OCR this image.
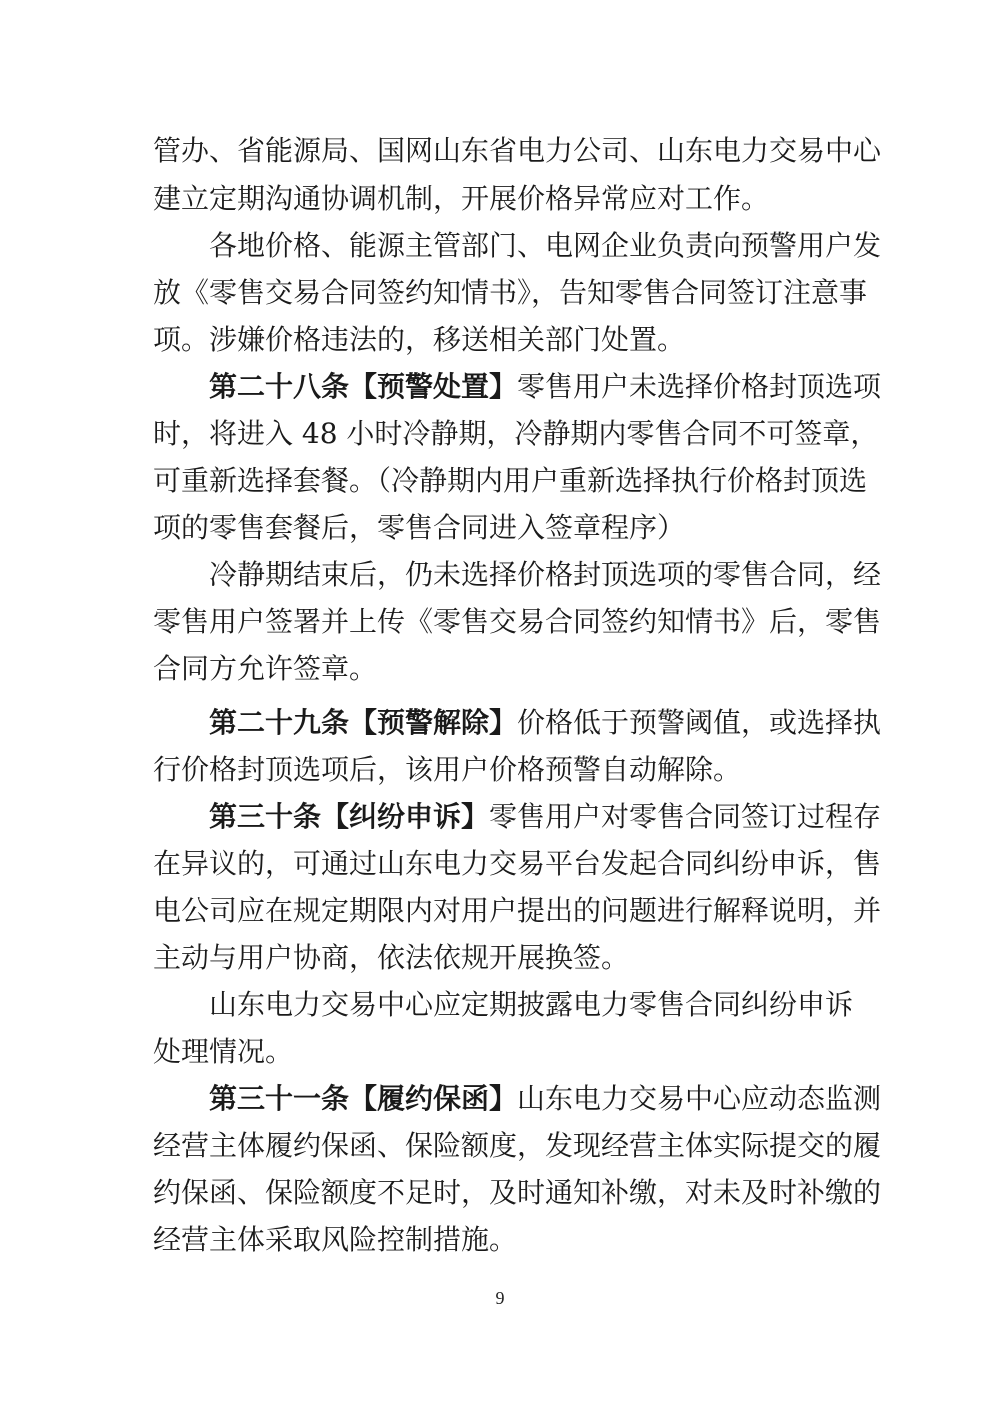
管办、省能源局、国网山东省电力公司、山东电力交易中心
建立定期沟通协调机制，开展价格异常应对工作。
各地价格、能源主管部门、电网企业负责向预警用户发
放《零售交易合同签约知情书》，告知零售合同签订注意事
项。涉嫌价格违法的，移送相关部门处置。
第二十八条【预警处置】零售用户未选择价格封顶选项
时，将进入 48 小时冷静期，冷静期内零售合同不可签章，
可重新选择套餐。（冷静期内用户重新选择执行价格封顶选
项的零售套餐后，零售合同进入签章程序）
冷静期结束后，仍未选择价格封顶选项的零售合同，经
零售用户签署并上传《零售交易合同签约知情书》后，零售
合同方允许签章。
第二十九条【预警解除】价格低于预警阈值，或选择执
行价格封顶选项后，该用户价格预警自动解除。
第三十条【纠纷申诉】零售用户对零售合同签订过程存
在异议的，可通过山东电力交易平台发起合同纠纷申诉，售
电公司应在规定期限内对用户提出的问题进行解释说明，并
主动与用户协商，依法依规开展换签。
山东电力交易中心应定期披露电力零售合同纠纷申诉
处理情况。
第三十一条【履约保函】山东电力交易中心应动态监测
经营主体履约保函、保险额度，发现经营主体实际提交的履
约保函、保险额度不足时，及时通知补缴，对未及时补缴的
经营主体采取风险控制措施。
9
